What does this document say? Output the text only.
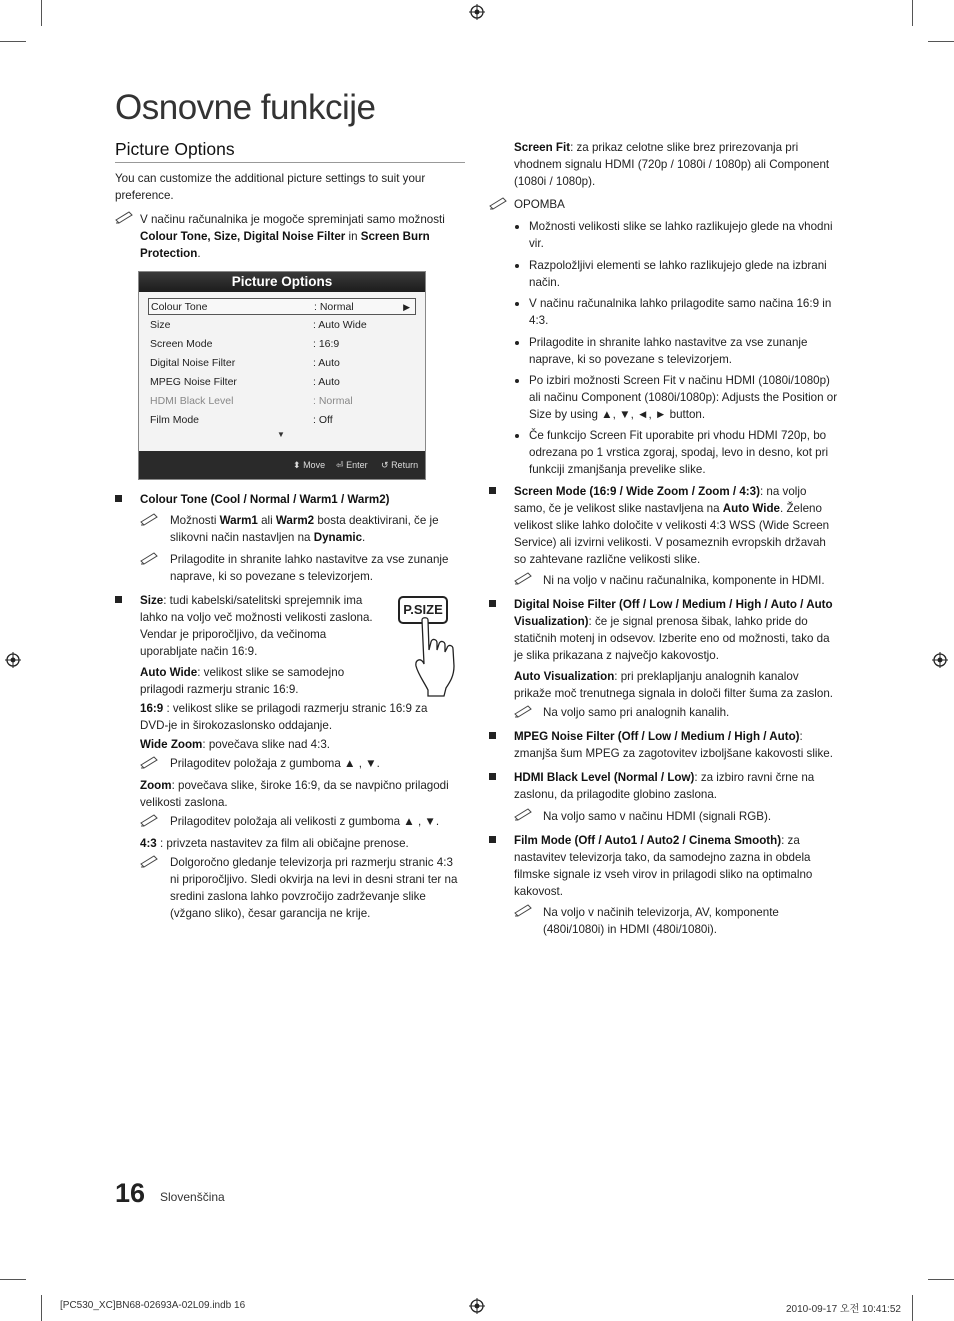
Osnovne funkcije
Picture Options
You can customize the additional picture settings to suit your preference.
V načinu računalnika je mogoče spreminjati samo možnosti Colour Tone, Size, Digital Noise Filter in Screen Burn Protection.
Picture Options
Colour Tone	: Normal	▶
Size	: Auto Wide
Screen Mode	: 16:9
Digital Noise Filter	: Auto
MPEG Noise Filter	: Auto
HDMI Black Level	: Normal
Film Mode	: Off
▼
⬍ Move ⏎ Enter ↺ Return
Colour Tone (Cool / Normal / Warm1 / Warm2)
Možnosti Warm1 ali Warm2 bosta deaktivirani, če je slikovni način nastavljen na Dynamic.
Prilagodite in shranite lahko nastavitve za vse zunanje naprave, ki so povezane s televizorjem.
Size: tudi kabelski/satelitski sprejemnik ima lahko na voljo več možnosti velikosti zaslona. Vendar je priporočljivo, da večinoma uporabljate način 16:9.
P.SIZE
Auto Wide: velikost slike se samodejno prilagodi razmerju stranic 16:9.
16:9 : velikost slike se prilagodi razmerju stranic 16:9 za DVD-je in širokozaslonsko oddajanje.
Wide Zoom: povečava slike nad 4:3.
Prilagoditev položaja z gumboma ▲ , ▼.
Zoom: povečava slike, široke 16:9, da se navpično prilagodi velikosti zaslona.
Prilagoditev položaja ali velikosti z gumboma ▲ , ▼.
4:3 : privzeta nastavitev za film ali običajne prenose.
Dolgoročno gledanje televizorja pri razmerju stranic 4:3 ni priporočljivo. Sledi okvirja na levi in desni strani ter na sredini zaslona lahko povzročijo zadrževanje slike (vžgano sliko), česar garancija ne krije.
Screen Fit: za prikaz celotne slike brez prirezovanja pri vhodnem signalu HDMI (720p / 1080i / 1080p) ali Component (1080i / 1080p).
OPOMBA
Možnosti velikosti slike se lahko razlikujejo glede na vhodni vir.
Razpoložljivi elementi se lahko razlikujejo glede na izbrani način.
V načinu računalnika lahko prilagodite samo načina 16:9 in 4:3.
Prilagodite in shranite lahko nastavitve za vse zunanje naprave, ki so povezane s televizorjem.
Po izbiri možnosti Screen Fit v načinu HDMI (1080i/1080p) ali načinu Component (1080i/1080p): Adjusts the Position or Size by using ▲, ▼, ◄, ► button.
Če funkcijo Screen Fit uporabite pri vhodu HDMI 720p, bo odrezana po 1 vrstica zgoraj, spodaj, levo in desno, kot pri funkciji zmanjšanja prevelike slike.
Screen Mode (16:9 / Wide Zoom / Zoom / 4:3): na voljo samo, če je velikost slike nastavljena na Auto Wide. Želeno velikost slike lahko določite v velikosti 4:3 WSS (Wide Screen Service) ali izvirni velikosti. V posameznih evropskih državah so zahtevane različne velikosti slike.
Ni na voljo v načinu računalnika, komponente in HDMI.
Digital Noise Filter (Off / Low / Medium / High / Auto / Auto Visualization): če je signal prenosa šibak, lahko pride do statičnih motenj in odsevov. Izberite eno od možnosti, tako da je slika prikazana z največjo kakovostjo.
Auto Visualization: pri preklapljanju analognih kanalov prikaže moč trenutnega signala in določi filter šuma za zaslon.
Na voljo samo pri analognih kanalih.
MPEG Noise Filter (Off / Low / Medium / High / Auto): zmanjša šum MPEG za zagotovitev izboljšane kakovosti slike.
HDMI Black Level (Normal / Low): za izbiro ravni črne na zaslonu, da prilagodite globino zaslona.
Na voljo samo v načinu HDMI (signali RGB).
Film Mode (Off / Auto1 / Auto2 / Cinema Smooth): za nastavitev televizorja tako, da samodejno zazna in obdela filmske signale iz vseh virov in prilagodi sliko na optimalno kakovost.
Na voljo v načinih televizorja, AV, komponente (480i/1080i) in HDMI (480i/1080i).
16 Slovenščina
[PC530_XC]BN68-02693A-02L09.indb 16	2010-09-17 오전 10:41:52
